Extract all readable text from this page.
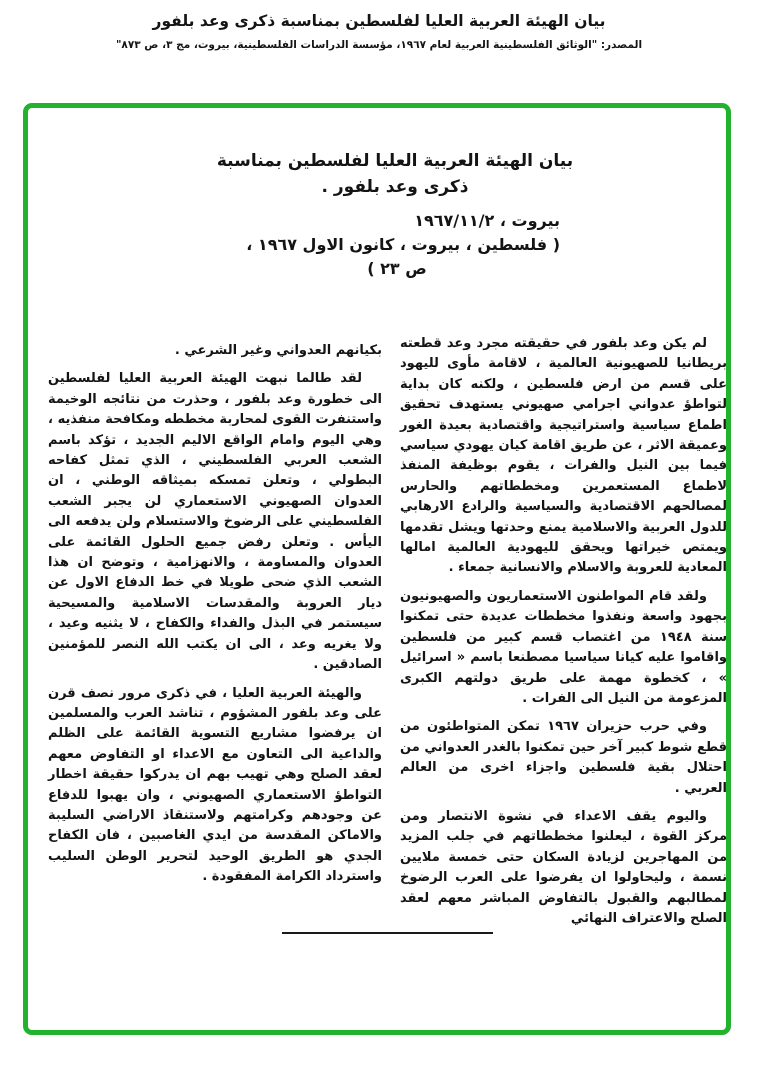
بيان الهيئة العربية العليا لفلسطين بمناسبة ذكرى وعد بلفور
المصدر: "الوثائق الفلسطينية العربية لعام ١٩٦٧، مؤسسة الدراسات الفلسطينية، بيروت، مج ٣، ص ٨٧٣"
بيان الهيئة العربية العليا لفلسطين بمناسبة
ذكرى وعد بلفور .
بيروت ، ١٩٦٧/١١/٢
( فلسطين ، بيروت ، كانون الاول ١٩٦٧ ،
ص ٢٣ )

لم يكن وعد بلفور في حقيقته مجرد وعد قطعته بريطانيا للصهيونية العالمية ، لاقامة مأوى لليهود على قسم من ارض فلسطين ، ولكنه كان بداية لتواطؤ عدواني اجرامي صهيوني يستهدف تحقيق اطماع سياسية واستراتيجية واقتصادية بعيدة الغور وعميقة الاثر ، عن طريق اقامة كيان يهودي سياسي فيما بين النيل والفرات ، يقوم بوظيفة المنفذ لاطماع المستعمرين ومخططاتهم والحارس لمصالحهم الاقتصادية والسياسية والرادع الارهابي للدول العربية والاسلامية يمنع وحدتها ويشل تقدمها ويمتص خيراتها ويحقق لليهودية العالمية امالها المعادية للعروبة والاسلام والانسانية جمعاء .

ولقد قام المواطنون الاستعماريون والصهيونيون بجهود واسعة ونفذوا مخططات عديدة حتى تمكنوا سنة ١٩٤٨ من اغتصاب قسم كبير من فلسطين واقاموا عليه كيانا سياسيا مصطنعا باسم « اسرائيل » ، كخطوة مهمة على طريق دولتهم الكبرى المزعومة من النيل الى الفرات .

وفي حرب حزيران ١٩٦٧ تمكن المتواطئون من قطع شوط كبير آخر حين تمكنوا بالغدر العدواني من احتلال بقية فلسطين واجزاء اخرى من العالم العربي .

واليوم يقف الاعداء في نشوة الانتصار ومن مركز القوة ، ليعلنوا مخططاتهم في جلب المزيد من المهاجرين لزيادة السكان حتى خمسة ملايين نسمة ، وليحاولوا ان يفرضوا على العرب الرضوخ لمطالبهم والقبول بالتفاوض المباشر معهم لعقد الصلح والاعتراف النهائي

بكيانهم العدواني وغير الشرعي .

لقد طالما نبهت الهيئة العربية العليا لفلسطين الى خطورة وعد بلفور ، وحذرت من نتائجه الوخيمة واستنفرت القوى لمحاربة مخططه ومكافحة منفذيه ، وهي اليوم وامام الواقع الاليم الجديد ، تؤكد باسم الشعب العربي الفلسطيني ، الذي تمثل كفاحه البطولي ، وتعلن تمسكه بميثاقه الوطني ، ان العدوان الصهيوني الاستعماري لن يجبر الشعب الفلسطيني على الرضوخ والاستسلام ولن يدفعه الى اليأس . وتعلن رفض جميع الحلول القائمة على العدوان والمساومة ، والانهزامية ، وتوضح ان هذا الشعب الذي ضحى طويلا في خط الدفاع الاول عن ديار العروبة والمقدسات الاسلامية والمسيحية سيستمر في البذل والفداء والكفاح ، لا يثنيه وعيد ، ولا يغريه وعد ، الى ان يكتب الله النصر للمؤمنين الصادقين .

والهيئة العربية العليا ، في ذكرى مرور نصف قرن على وعد بلفور المشؤوم ، تناشد العرب والمسلمين ان يرفضوا مشاريع التسوية القائمة على الظلم والداعية الى التعاون مع الاعداء او التفاوض معهم لعقد الصلح وهي تهيب بهم ان يدركوا حقيقة اخطار التواطؤ الاستعماري الصهيوني ، وان يهبوا للدفاع عن وجودهم وكرامتهم ولاستنقاذ الاراضي السليبة والاماكن المقدسة من ايدي الغاصبين ، فان الكفاح الجدي هو الطريق الوحيد لتحرير الوطن السليب واسترداد الكرامة المفقودة .
